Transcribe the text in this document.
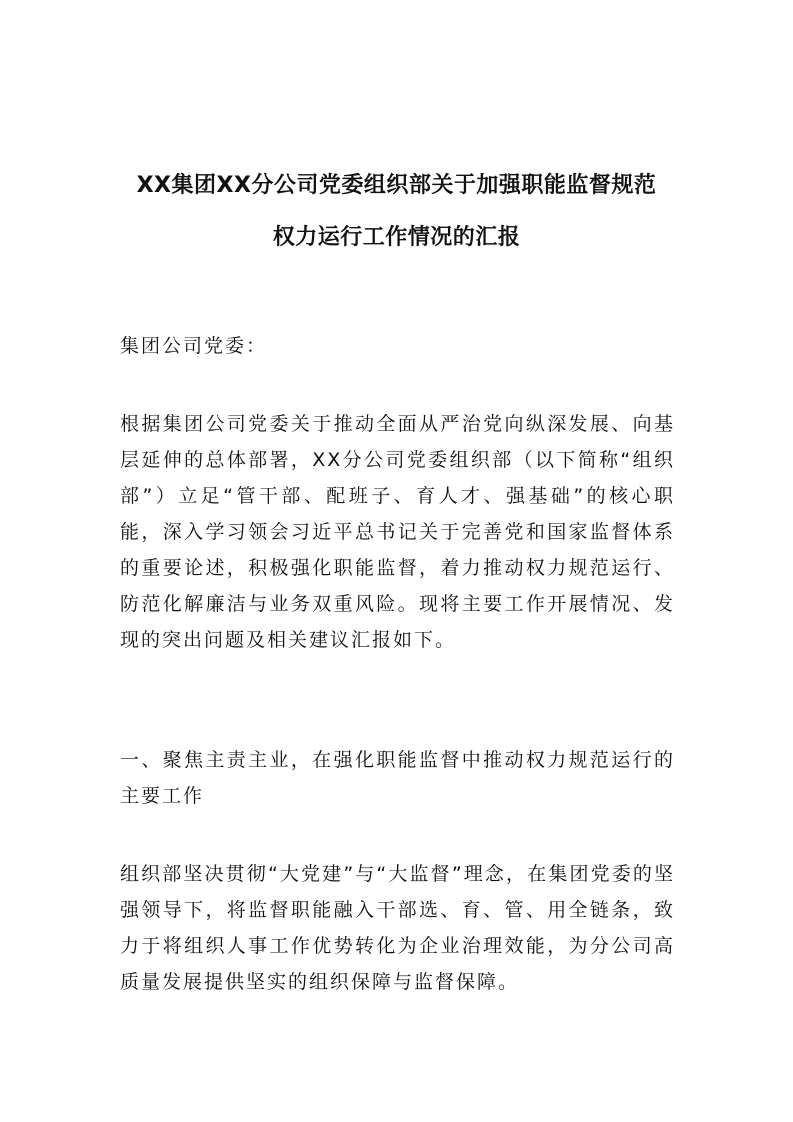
XX集团XX分公司党委组织部关于加强职能监督规范
权力运行工作情况的汇报

集团公司党委：

根据集团公司党委关于推动全面从严治党向纵深发展、向基层延伸的总体部署，XX分公司党委组织部（以下简称“组织部”）立足“管干部、配班子、育人才、强基础”的核心职能，深入学习领会习近平总书记关于完善党和国家监督体系的重要论述，积极强化职能监督，着力推动权力规范运行、防范化解廉洁与业务双重风险。现将主要工作开展情况、发现的突出问题及相关建议汇报如下。

一、聚焦主责主业，在强化职能监督中推动权力规范运行的主要工作

组织部坚决贯彻“大党建”与“大监督”理念，在集团党委的坚强领导下，将监督职能融入干部选、育、管、用全链条，致力于将组织人事工作优势转化为企业治理效能，为分公司高质量发展提供坚实的组织保障与监督保障。
